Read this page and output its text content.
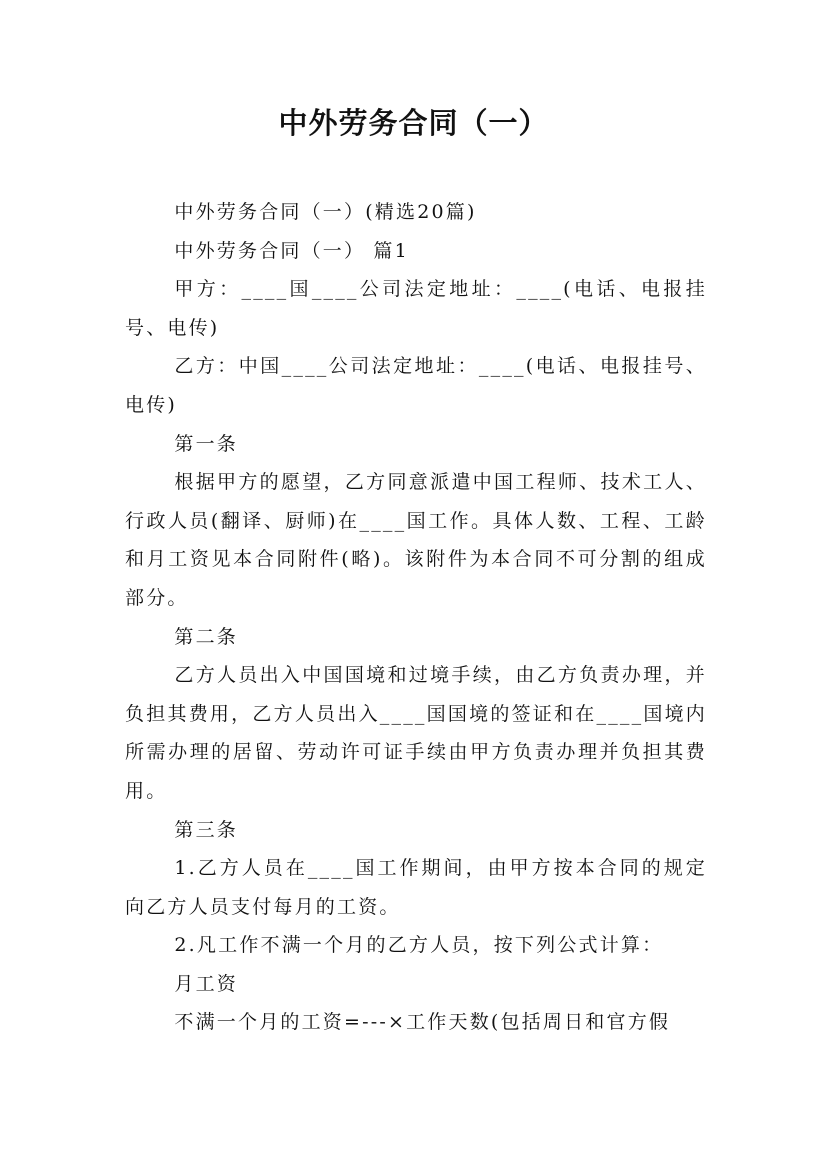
中外劳务合同（一）

中外劳务合同（一）(精选20篇)

中外劳务合同（一） 篇1

甲方：____国____公司法定地址：____(电话、电报挂号、电传)

乙方：中国____公司法定地址：____(电话、电报挂号、电传)

第一条

根据甲方的愿望，乙方同意派遣中国工程师、技术工人、行政人员(翻译、厨师)在____国工作。具体人数、工程、工龄和月工资见本合同附件(略)。该附件为本合同不可分割的组成部分。

第二条

乙方人员出入中国国境和过境手续，由乙方负责办理，并负担其费用，乙方人员出入____国国境的签证和在____国境内所需办理的居留、劳动许可证手续由甲方负责办理并负担其费用。

第三条

1.乙方人员在____国工作期间，由甲方按本合同的规定向乙方人员支付每月的工资。

2.凡工作不满一个月的乙方人员，按下列公式计算：

月工资

不满一个月的工资=---×工作天数(包括周日和官方假
